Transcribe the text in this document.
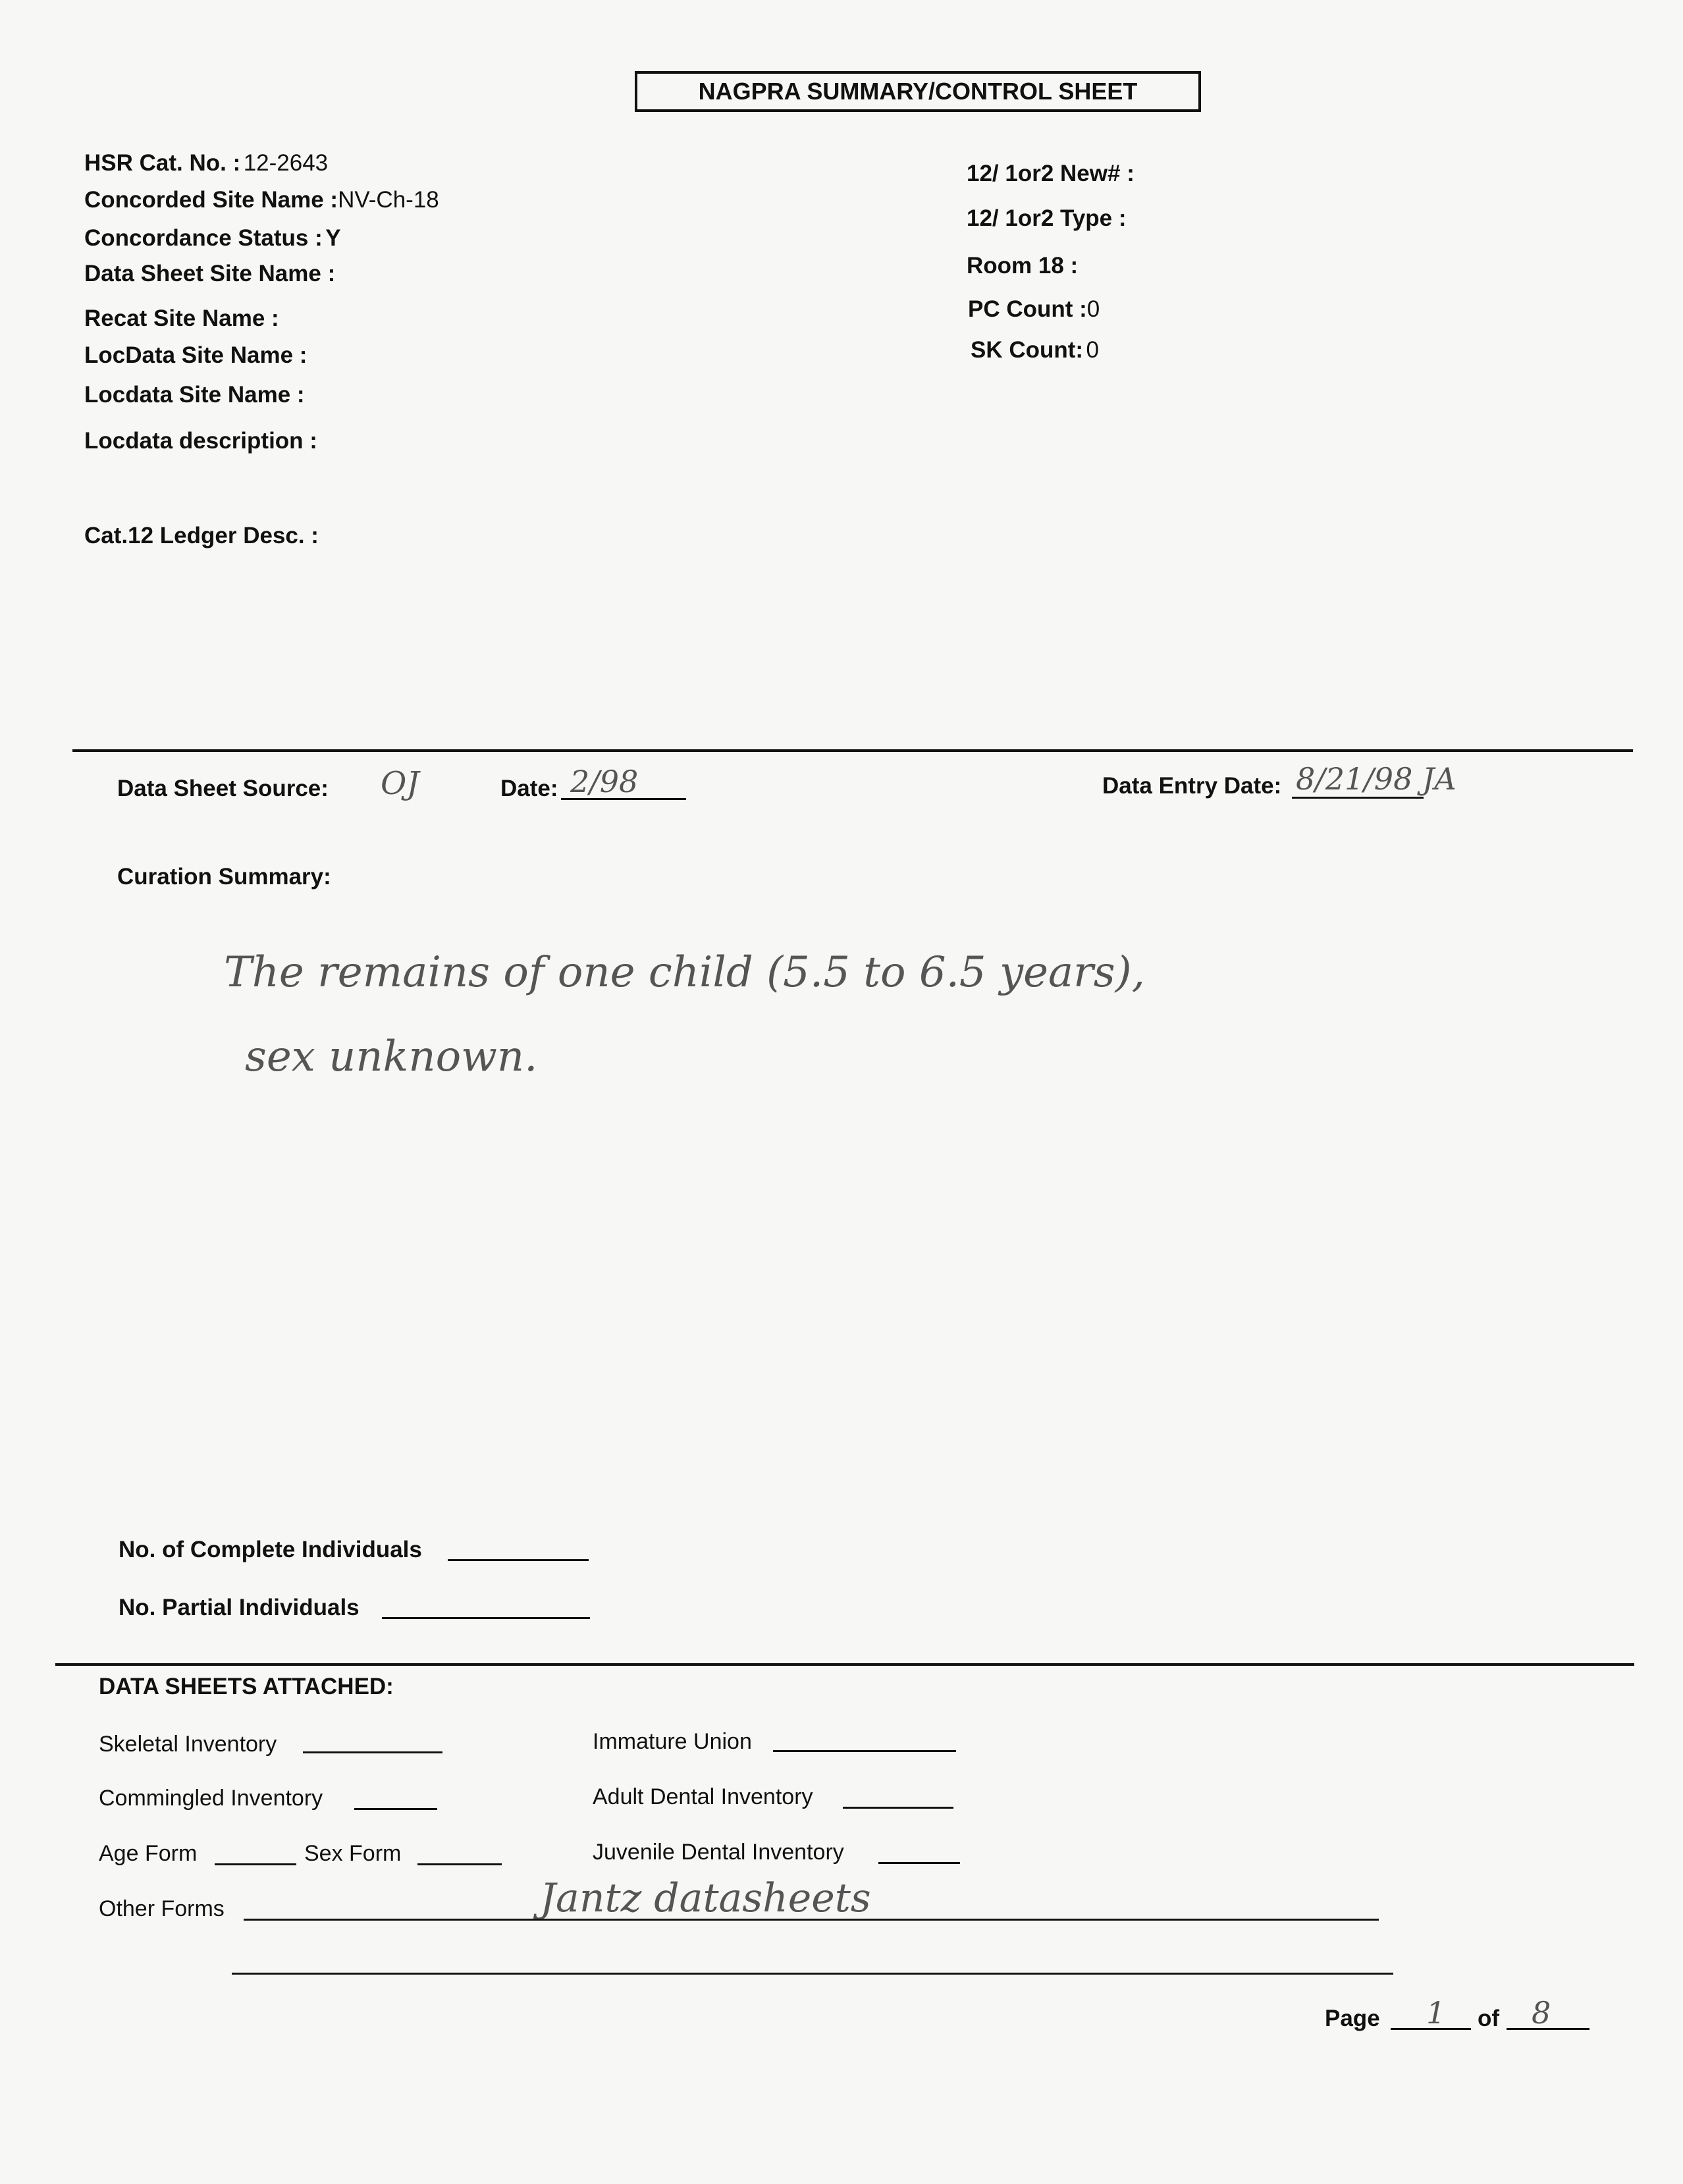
NAGPRA SUMMARY/CONTROL SHEET
HSR Cat. No. : 12-2643
Concorded Site Name :NV-Ch-18
Concordance Status : Y
Data Sheet Site Name :
Recat Site Name :
LocData Site Name :
Locdata Site Name :
Locdata description :
Cat.12 Ledger Desc. :
12/ 1or2 New# :
12/ 1or2 Type :
Room 18 :
PC Count :0
SK Count: 0
Data Sheet Source: OJ	Date: 2/98	Data Entry Date: 8/21/98 JA
Curation Summary:
The remains of one child (5.5 to 6.5 years),
sex unknown.
No. of Complete Individuals
No. Partial Individuals
DATA SHEETS ATTACHED:
Skeletal Inventory
Commingled Inventory
Age Form	Sex Form
Immature Union
Adult Dental Inventory
Juvenile Dental Inventory
Other Forms	Jantz datasheets
Page 1 of 8
